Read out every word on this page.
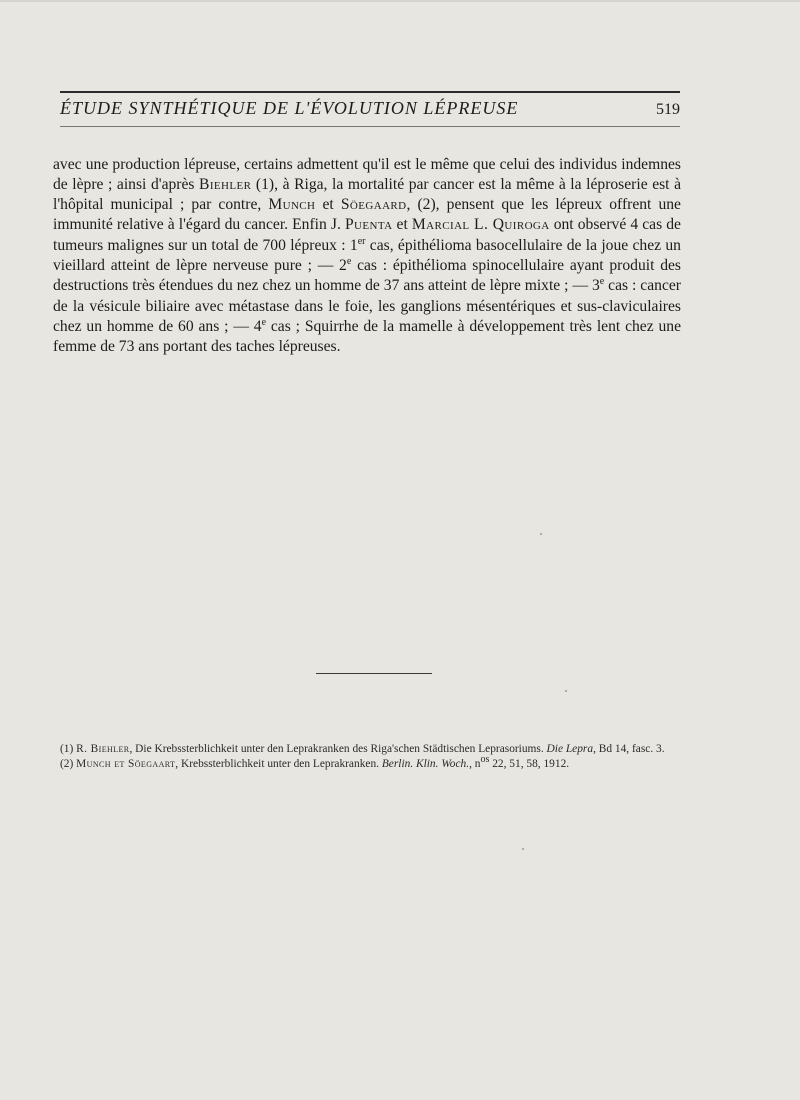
ÉTUDE SYNTHÉTIQUE DE L'ÉVOLUTION LÉPREUSE	519

avec une production lépreuse, certains admettent qu'il est le même que celui des individus indemnes de lèpre ; ainsi d'après Biehler (1), à Riga, la mortalité par cancer est la même à la léproserie est à l'hôpital municipal ; par contre, Munch et Söegaard, (2), pensent que les lépreux offrent une immunité relative à l'égard du cancer. Enfin J. Puenta et Marcial L. Quiroga ont observé 4 cas de tumeurs malignes sur un total de 700 lépreux : 1er cas, épithélioma basocellulaire de la joue chez un vieillard atteint de lèpre nerveuse pure ; — 2e cas : épithélioma spinocellulaire ayant produit des destructions très étendues du nez chez un homme de 37 ans atteint de lèpre mixte ; — 3e cas : cancer de la vésicule biliaire avec métastase dans le foie, les ganglions mésentériques et sus-claviculaires chez un homme de 60 ans ; — 4e cas ; Squirrhe de la mamelle à développement très lent chez une femme de 73 ans portant des taches lépreuses.

(1) R. Biehler, Die Krebssterblichkeit unter den Leprakranken des Riga'schen Städtischen Leprasoriums. Die Lepra, Bd 14, fasc. 3.

(2) Munch et Söegaart, Krebssterblichkeit unter den Leprakranken. Berlin. Klin. Woch., $n^{os}$ 22, 51, 58, 1912.
